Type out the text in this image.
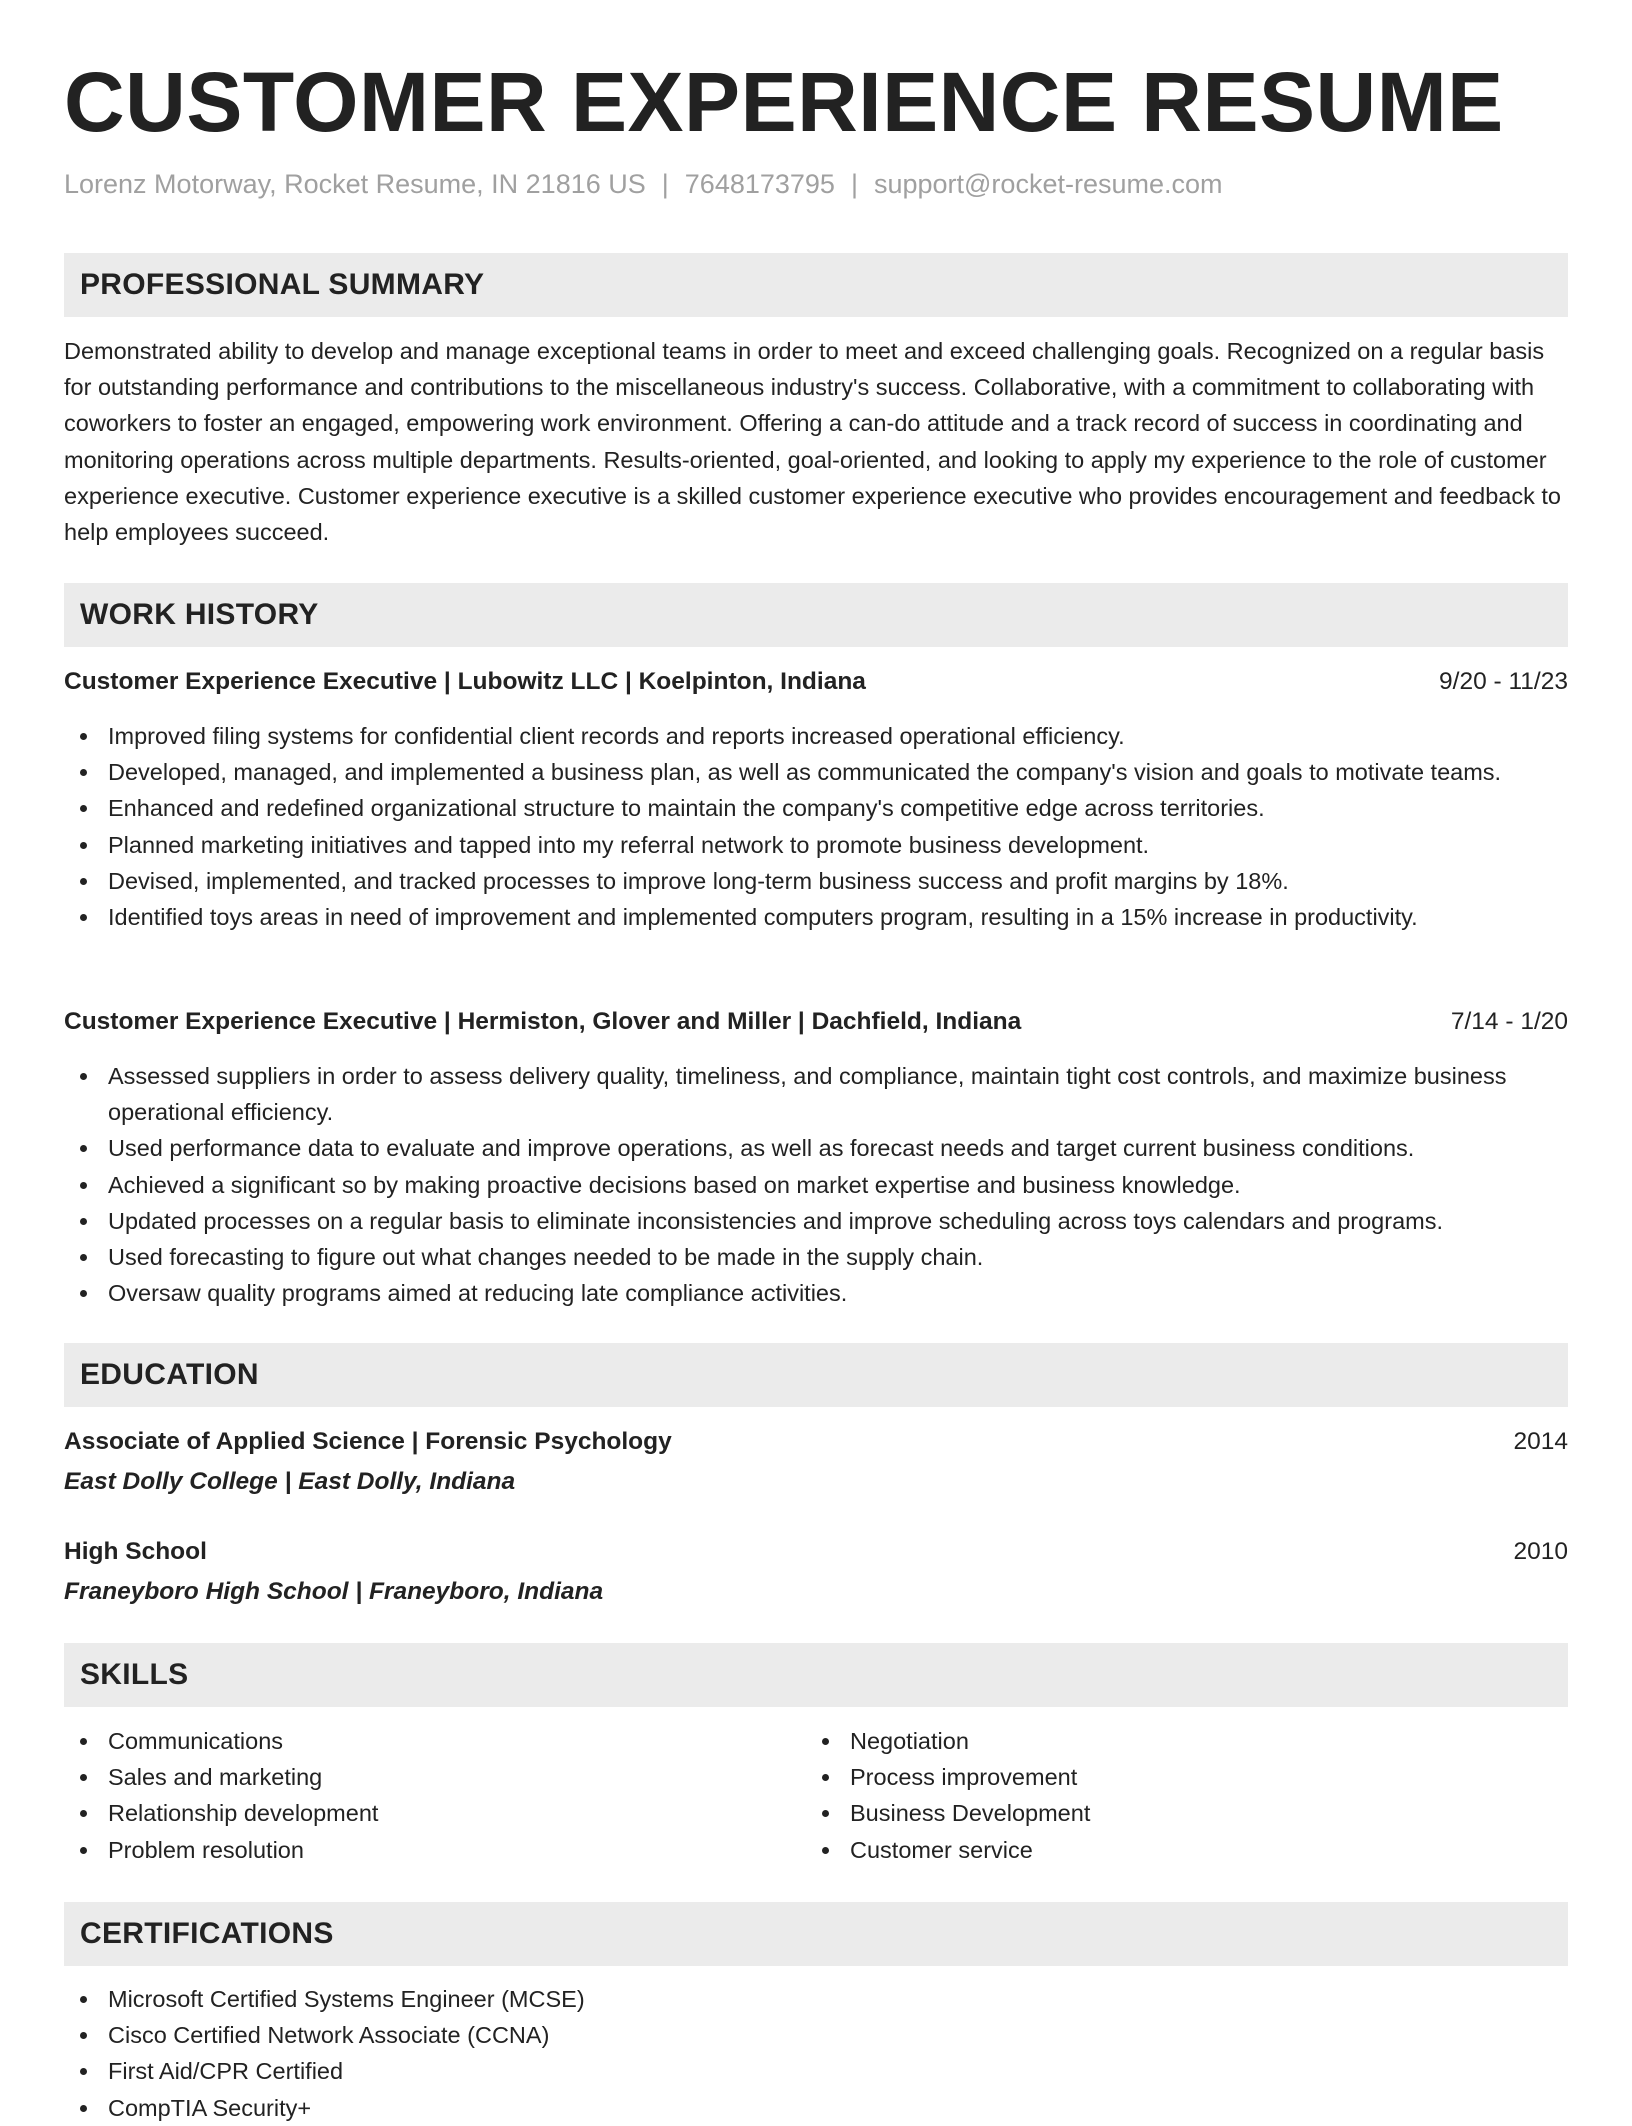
CUSTOMER EXPERIENCE RESUME
Lorenz Motorway, Rocket Resume, IN 21816 US | 7648173795 | support@rocket-resume.com
PROFESSIONAL SUMMARY

Demonstrated ability to develop and manage exceptional teams in order to meet and exceed challenging goals. Recognized on a regular basis for outstanding performance and contributions to the miscellaneous industry's success. Collaborative, with a commitment to collaborating with coworkers to foster an engaged, empowering work environment. Offering a can-do attitude and a track record of success in coordinating and monitoring operations across multiple departments. Results-oriented, goal-oriented, and looking to apply my experience to the role of customer experience executive. Customer experience executive is a skilled customer experience executive who provides encouragement and feedback to help employees succeed.

WORK HISTORY
Customer Experience Executive | Lubowitz LLC | Koelpinton, Indiana	9/20 - 11/23
Improved filing systems for confidential client records and reports increased operational efficiency.
Developed, managed, and implemented a business plan, as well as communicated the company's vision and goals to motivate teams.
Enhanced and redefined organizational structure to maintain the company's competitive edge across territories.
Planned marketing initiatives and tapped into my referral network to promote business development.
Devised, implemented, and tracked processes to improve long-term business success and profit margins by 18%.
Identified toys areas in need of improvement and implemented computers program, resulting in a 15% increase in productivity.
Customer Experience Executive | Hermiston, Glover and Miller | Dachfield, Indiana	7/14 - 1/20
Assessed suppliers in order to assess delivery quality, timeliness, and compliance, maintain tight cost controls, and maximize business operational efficiency.
Used performance data to evaluate and improve operations, as well as forecast needs and target current business conditions.
Achieved a significant so by making proactive decisions based on market expertise and business knowledge.
Updated processes on a regular basis to eliminate inconsistencies and improve scheduling across toys calendars and programs.
Used forecasting to figure out what changes needed to be made in the supply chain.
Oversaw quality programs aimed at reducing late compliance activities.
EDUCATION
Associate of Applied Science | Forensic Psychology	2014
East Dolly College | East Dolly, Indiana
High School	2010
Franeyboro High School | Franeyboro, Indiana
SKILLS
Communications
Sales and marketing
Relationship development
Problem resolution
Negotiation
Process improvement
Business Development
Customer service
CERTIFICATIONS
Microsoft Certified Systems Engineer (MCSE)
Cisco Certified Network Associate (CCNA)
First Aid/CPR Certified
CompTIA Security+
